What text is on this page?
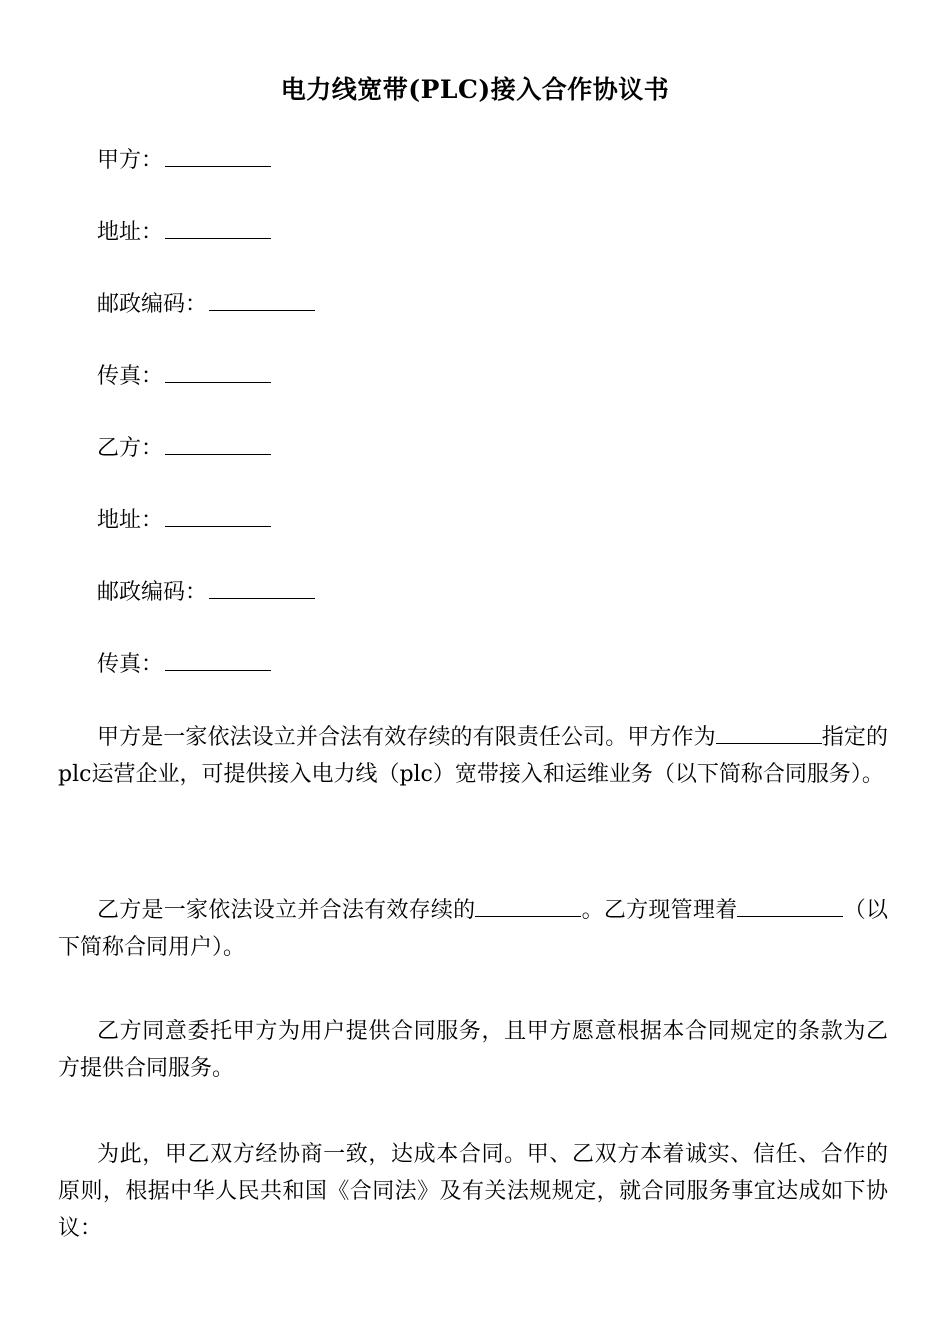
电力线宽带(PLC)接入合作协议书
甲方：
地址：
邮政编码：
传真：
乙方：
地址：
邮政编码：
传真：
甲方是一家依法设立并合法有效存续的有限责任公司。甲方作为	指定的plc运营企业，可提供接入电力线（plc）宽带接入和运维业务（以下简称合同服务）。
乙方是一家依法设立并合法有效存续的	。乙方现管理着	（以下简称合同用户）。
乙方同意委托甲方为用户提供合同服务，且甲方愿意根据本合同规定的条款为乙方提供合同服务。
为此，甲乙双方经协商一致，达成本合同。甲、乙双方本着诚实、信任、合作的原则，根据中华人民共和国《合同法》及有关法规规定，就合同服务事宜达成如下协议：
